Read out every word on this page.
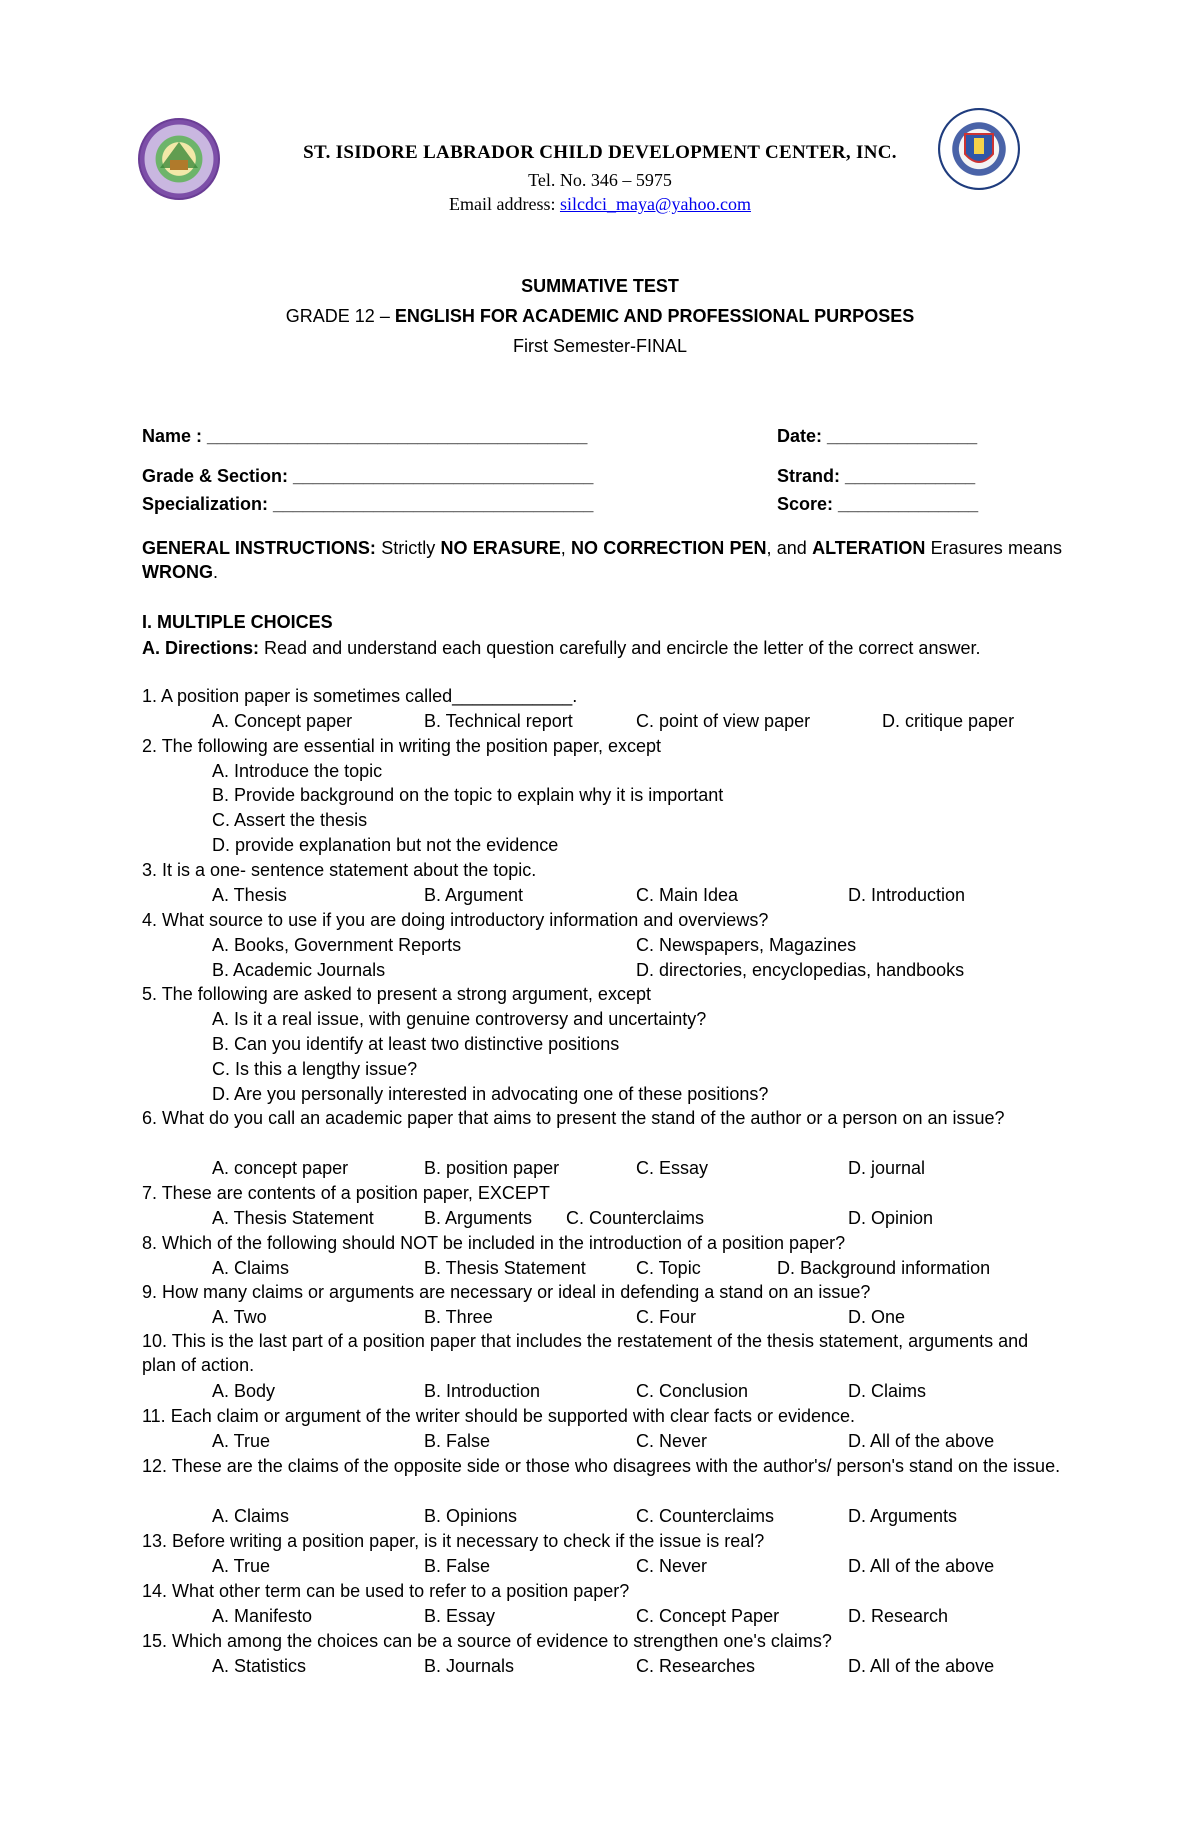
ST. ISIDORE LABRADOR CHILD DEVELOPMENT CENTER, INC.
Tel. No. 346 – 5975
Email address: silcdci_maya@yahoo.com
SUMMATIVE TEST
GRADE 12 – ENGLISH FOR ACADEMIC AND PROFESSIONAL PURPOSES
First Semester-FINAL
Name : ______________________________________	Date: _______________
Grade & Section: ______________________________	Strand: _____________
Specialization: ________________________________	Score: ______________
GENERAL INSTRUCTIONS: Strictly NO ERASURE, NO CORRECTION PEN, and ALTERATION Erasures means WRONG.
I. MULTIPLE CHOICES
A. Directions: Read and understand each question carefully and encircle the letter of the correct answer.
1. A position paper is sometimes called____________.
A. Concept paper	B. Technical report	C. point of view paper	D. critique paper
2. The following are essential in writing the position paper, except
A. Introduce the topic
B. Provide background on the topic to explain why it is important
C. Assert the thesis
D. provide explanation but not the evidence
3. It is a one- sentence statement about the topic.
A. Thesis	B. Argument	C. Main Idea	D. Introduction
4. What source to use if you are doing introductory information and overviews?
A. Books, Government Reports	C. Newspapers, Magazines
B. Academic Journals	D. directories, encyclopedias, handbooks
5. The following are asked to present a strong argument, except
A. Is it a real issue, with genuine controversy and uncertainty?
B. Can you identify at least two distinctive positions
C. Is this a lengthy issue?
D. Are you personally interested in advocating one of these positions?
6. What do you call an academic paper that aims to present the stand of the author or a person on an issue?
A. concept paper	B. position paper	C. Essay	D. journal
7. These are contents of a position paper, EXCEPT
A. Thesis Statement	B. Arguments C. Counterclaims	D. Opinion
8. Which of the following should NOT be included in the introduction of a position paper?
A. Claims	B. Thesis Statement	C. Topic	D. Background information
9. How many claims or arguments are necessary or ideal in defending a stand on an issue?
A. Two	B. Three	C. Four	D. One
10. This is the last part of a position paper that includes the restatement of the thesis statement, arguments and plan of action.
A. Body	B. Introduction	C. Conclusion	D. Claims
11. Each claim or argument of the writer should be supported with clear facts or evidence.
A. True	B. False	C. Never	D. All of the above
12. These are the claims of the opposite side or those who disagrees with the author's/ person's stand on the issue.
A. Claims	B. Opinions	C. Counterclaims	D. Arguments
13. Before writing a position paper, is it necessary to check if the issue is real?
A. True	B. False	C. Never	D. All of the above
14. What other term can be used to refer to a position paper?
A. Manifesto	B. Essay	C. Concept Paper	D. Research
15. Which among the choices can be a source of evidence to strengthen one's claims?
A. Statistics	B. Journals	C. Researches	D. All of the above
